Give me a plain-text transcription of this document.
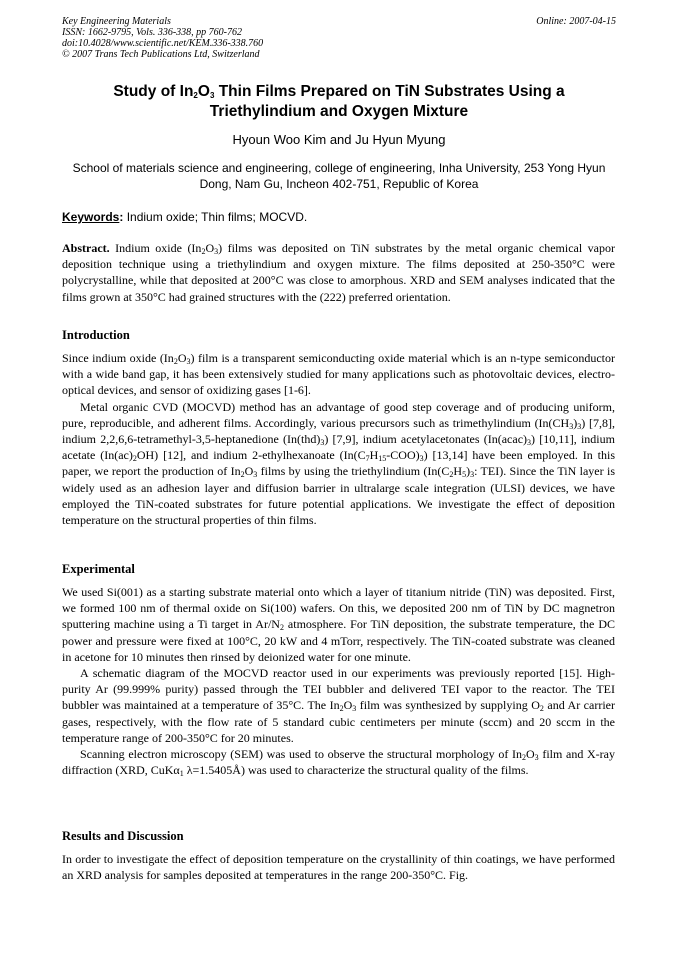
Key Engineering Materials
ISSN: 1662-9795, Vols. 336-338, pp 760-762
doi:10.4028/www.scientific.net/KEM.336-338.760
© 2007 Trans Tech Publications Ltd, Switzerland
Online: 2007-04-15
Study of $In_2O_3$ Thin Films Prepared on TiN Substrates Using a Triethylindium and Oxygen Mixture
Hyoun Woo Kim and Ju Hyun Myung
School of materials science and engineering, college of engineering, Inha University, 253 Yong Hyun Dong, Nam Gu, Incheon 402-751, Republic of Korea
Keywords: Indium oxide; Thin films; MOCVD.

Abstract. Indium oxide $(In_2O_3)$ films was deposited on TiN substrates by the metal organic chemical vapor deposition technique using a triethylindium and oxygen mixture. The films deposited at 250-350°C were polycrystalline, while that deposited at 200°C was close to amorphous. XRD and SEM analyses indicated that the films grown at 350°C had grained structures with the (222) preferred orientation.

Introduction

Since indium oxide $(In_2O_3)$ film is a transparent semiconducting oxide material which is an n-type semiconductor with a wide band gap, it has been extensively studied for many applications such as photovoltaic devices, electro-optical devices, and sensor of oxidizing gases [1-6].

Metal organic CVD (MOCVD) method has an advantage of good step coverage and of producing uniform, pure, reproducible, and adherent films. Accordingly, various precursors such as trimethylindium $(In(CH_3)_3)$ [7,8], indium 2,2,6,6-tetramethyl-3,5-heptanedione $(In(thd)_3)$ [7,9], indium acetylacetonates $(In(acac)_3)$ [10,11], indium acetate $(In(ac)_2OH)$ [12], and indium 2-ethylhexanoate $(In(C_7H_{15}-COO)_3)$ [13,14] have been employed. In this paper, we report the production of $In_2O_3$ films by using the triethylindium ($In(C_2H_5)_3$: TEI). Since the TiN layer is widely used as an adhesion layer and diffusion barrier in ultralarge scale integration (ULSI) devices, we have employed the TiN-coated substrates for future potential applications. We investigate the effect of deposition temperature on the structural properties of thin films.

Experimental

We used Si(001) as a starting substrate material onto which a layer of titanium nitride (TiN) was deposited. First, we formed 100 nm of thermal oxide on Si(100) wafers. On this, we deposited 200 nm of TiN by DC magnetron sputtering machine using a Ti target in $Ar/N_2$ atmosphere. For TiN deposition, the substrate temperature, the DC power and pressure were fixed at 100°C, 20 kW and 4 mTorr, respectively. The TiN-coated substrate was cleaned in acetone for 10 minutes then rinsed by deionized water for one minute.

A schematic diagram of the MOCVD reactor used in our experiments was previously reported [15]. High-purity Ar (99.999% purity) passed through the TEI bubbler and delivered TEI vapor to the reactor. The TEI bubbler was maintained at a temperature of 35°C. The $In_2O_3$ film was synthesized by supplying $O_2$ and Ar carrier gases, respectively, with the flow rate of 5 standard cubic centimeters per minute (sccm) and 20 sccm in the temperature range of 200-350°C for 20 minutes.

Scanning electron microscopy (SEM) was used to observe the structural morphology of $In_2O_3$ film and X-ray diffraction (XRD, CuKα$_1$ λ=1.5405Å) was used to characterize the structural quality of the films.

Results and Discussion

In order to investigate the effect of deposition temperature on the crystallinity of thin coatings, we have performed an XRD analysis for samples deposited at temperatures in the range 200-350°C. Fig.
